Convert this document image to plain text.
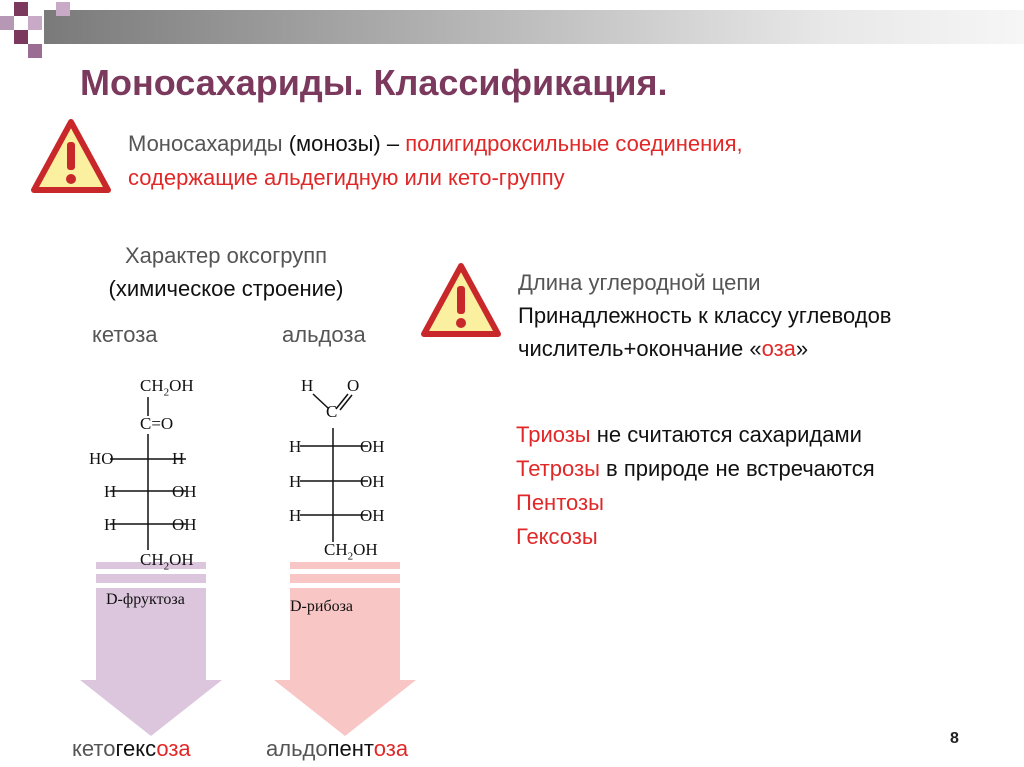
Моносахариды. Классификация.
Моносахариды (монозы) – полигидроксильные соединения,
содержащие альдегидную или кето-группу
Характер оксогрупп
(химическое строение)
кетоза	альдоза
Длина углеродной цепи
Принадлежность к классу углеводов
числитель+окончание «оза»
Триозы не считаются сахаридами
Тетрозы в природе не встречаются
Пентозы
Гексозы
$CH_2OH$
C=O
HO	H
H	OH
H	OH
$CH_2OH$
D-фруктоза
H O
C
H	OH
H	OH
H	OH
$CH_2OH$
D-рибоза
кетогексоза	альдопентоза	8
